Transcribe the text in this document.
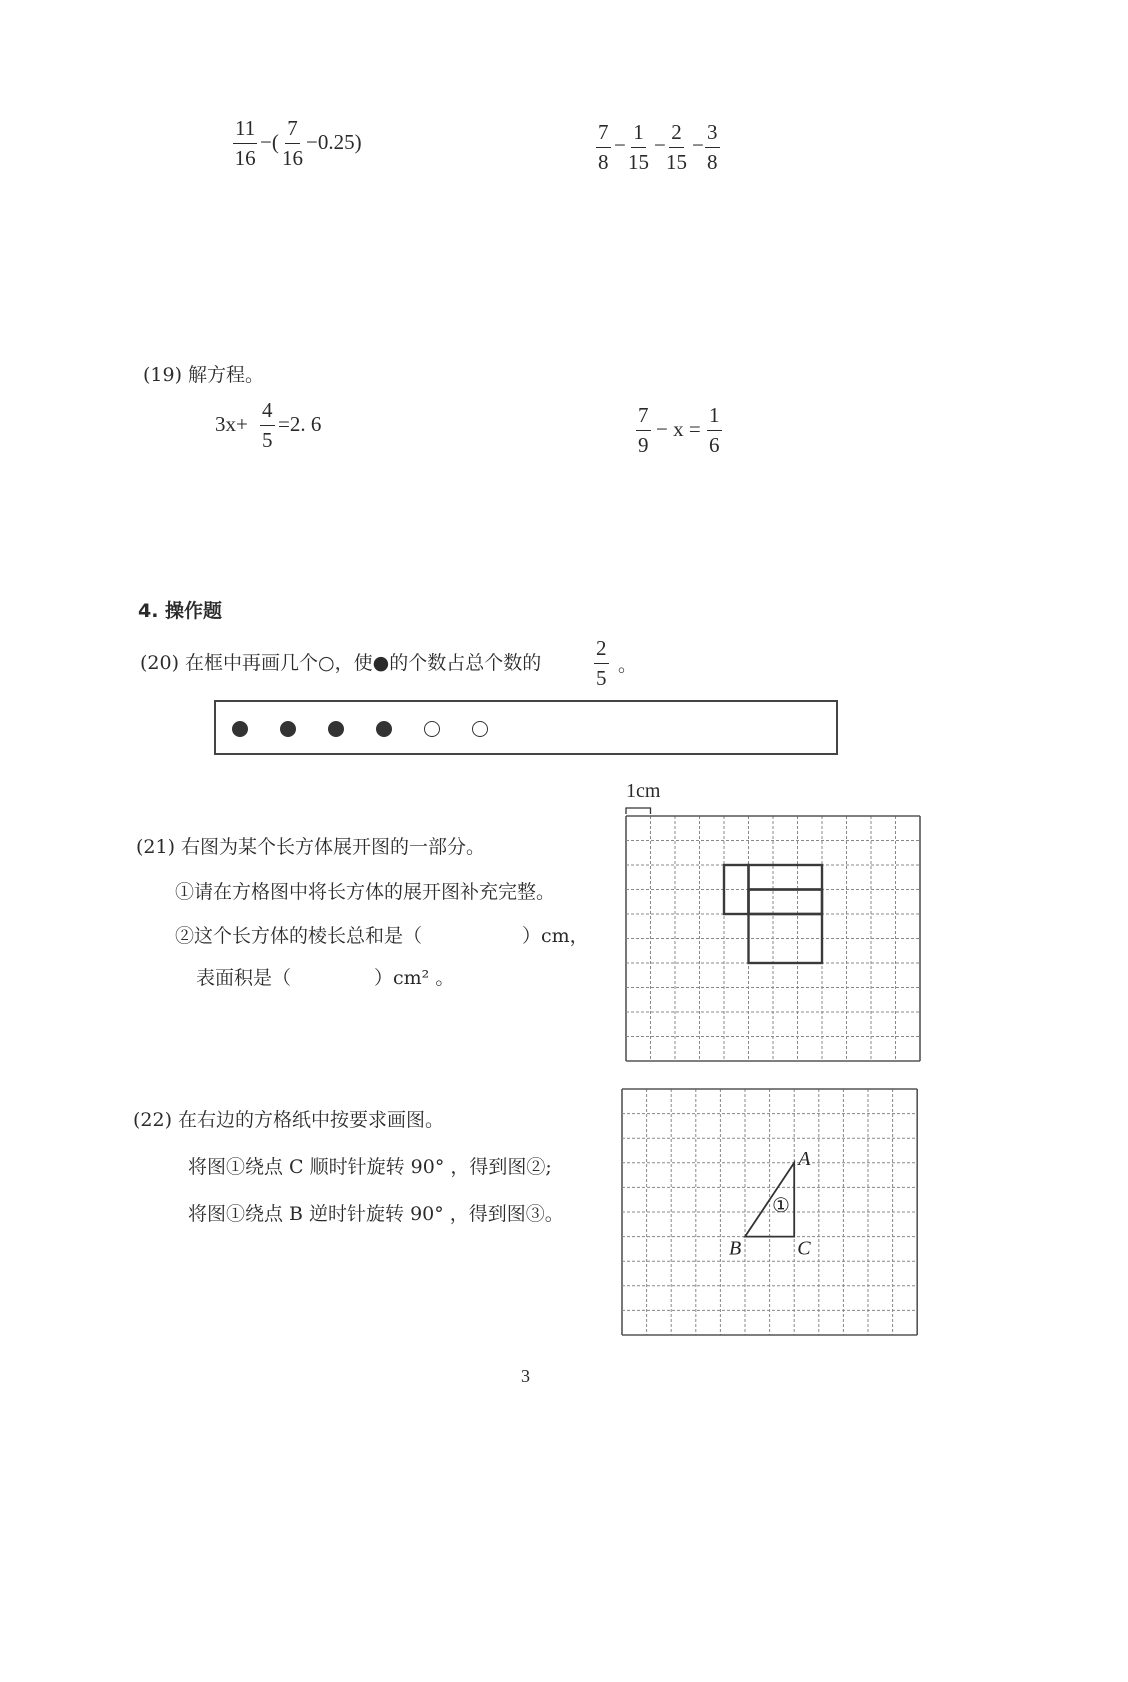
$\frac{11}{16}$ −( $\frac{7}{16} -0.25$)	$\frac{7}{8} - \frac{1}{15} - \frac{2}{15} - \frac{3}{8}$
(19) 解方程。
$3x+ \frac{4}{5} =2$. 6	$\frac{7}{9} - x = \frac{1}{6}$
4. 操作题
(20) 在框中再画几个○，使●的个数占总个数的	$\frac{2}{5}$ 。
(21) 右图为某个长方体展开图的一部分。
①请在方格图中将长方体的展开图补充完整。
②这个长方体的棱长总和是（	）cm，
表面积是（	）cm² 。
1cm
(22) 在右边的方格纸中按要求画图。
将图①绕点 C 顺时针旋转 90° ，得到图②;
将图①绕点 B 逆时针旋转 90° ，得到图③。
A
B	C
①
3
